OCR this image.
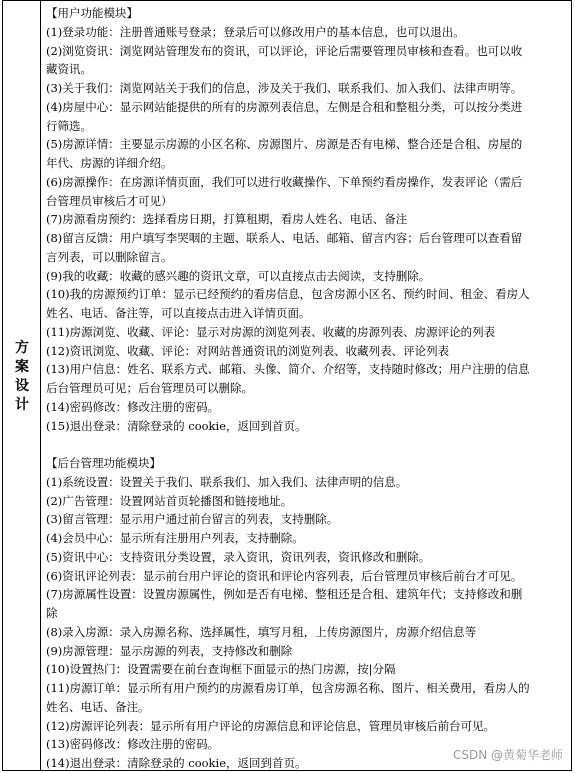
方
案
设
计
【用户功能模块】
(1)登录功能：注册普通账号登录；登录后可以修改用户的基本信息，也可以退出。
(2)浏览资讯：浏览网站管理发布的资讯，可以评论，评论后需要管理员审核和查看。也可以收
藏资讯。
(3)关于我们：浏览网站关于我们的信息，涉及关于我们、联系我们、加入我们、法律声明等。
(4)房屋中心：显示网站能提供的所有的房源列表信息，左侧是合租和整租分类，可以按分类进
行筛选。
(5)房源详情：主要显示房源的小区名称、房源图片、房源是否有电梯、整合还是合租、房屋的
年代、房源的详细介绍。
(6)房源操作：在房源详情页面，我们可以进行收藏操作、下单预约看房操作，发表评论（需后
台管理员审核后才可见）
(7)房源看房预约：选择看房日期，打算租期，看房人姓名、电话、备注
(8)留言反馈：用户填写李哭咽的主题、联系人、电话、邮箱、留言内容；后台管理可以查看留
言列表，可以删除留言。
(9)我的收藏：收藏的感兴趣的资讯文章，可以直接点击去阅读，支持删除。
(10)我的房源预约订单：显示已经预约的看房信息，包含房源小区名、预约时间、租金、看房人
姓名、电话、备注等，可以直接点击进入详情页面。
(11)房源浏览、收藏、评论：显示对房源的浏览列表、收藏的房源列表、房源评论的列表
(12)资讯浏览、收藏、评论：对网站普通资讯的浏览列表、收藏列表、评论列表
(13)用户信息：姓名、联系方式、邮箱、头像、简介、介绍等，支持随时修改；用户注册的信息
后台管理员可见；后台管理员可以删除。
(14)密码修改：修改注册的密码。
(15)退出登录：清除登录的 cookie，返回到首页。
【后台管理功能模块】
(1)系统设置：设置关于我们、联系我们、加入我们、法律声明的信息。
(2)广告管理：设置网站首页轮播图和链接地址。
(3)留言管理：显示用户通过前台留言的列表，支持删除。
(4)会员中心：显示所有注册用户列表，支持删除。
(5)资讯中心：支持资讯分类设置，录入资讯，资讯列表，资讯修改和删除。
(6)资讯评论列表：显示前台用户评论的资讯和评论内容列表，后台管理员审核后前台才可见。
(7)房源属性设置：设置房源属性，例如是否有电梯、整租还是合租、建筑年代；支持修改和删
除
(8)录入房源：录入房源名称、选择属性，填写月租，上传房源图片，房源介绍信息等
(9)房源管理：显示房源的列表，支持修改和删除
(10)设置热门：设置需要在前台查询框下面显示的热门房源，按|分隔
(11)房源订单：显示所有用户预约的房源看房订单，包含房源名称、图片、相关费用，看房人的
姓名、电话、备注。
(12)房源评论列表：显示所有用户评论的房源信息和评论信息，管理员审核后前台可见。
(13)密码修改：修改注册的密码。
(14)退出登录：清除登录的 cookie，返回到首页。
CSDN @黄菊华老师
